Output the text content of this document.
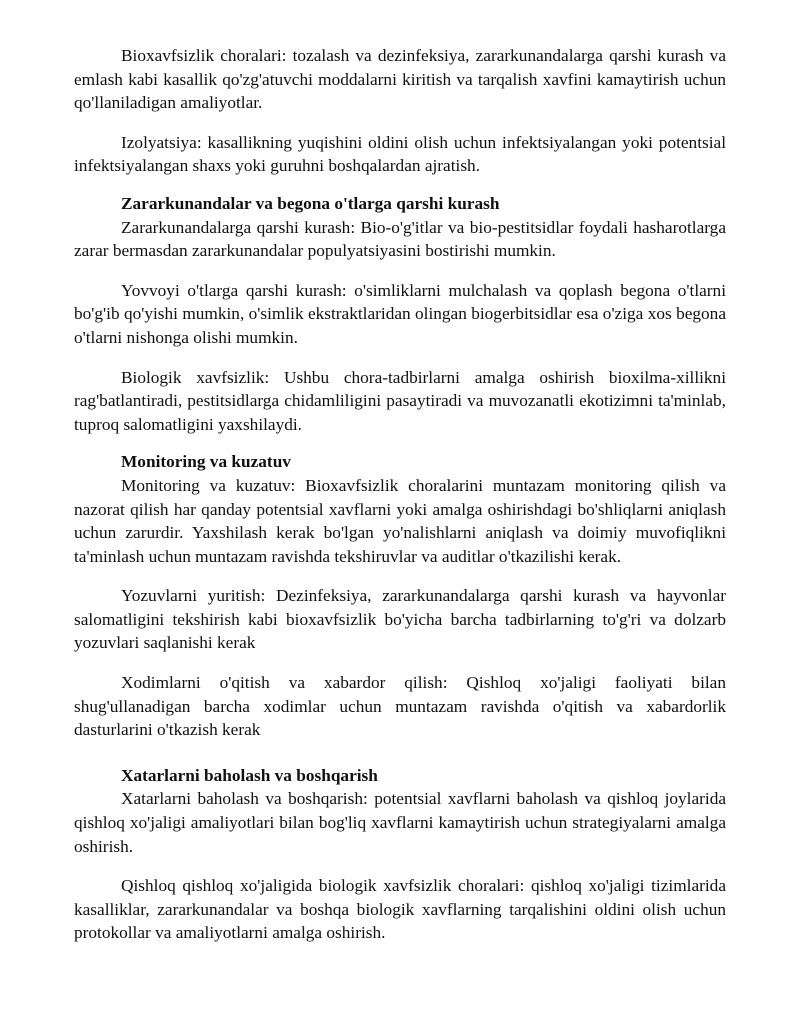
Bioxavfsizlik choralari: tozalash va dezinfeksiya, zararkunandalarga qarshi kurash va emlash kabi kasallik qo'zg'atuvchi moddalarni kiritish va tarqalish xavfini kamaytirish uchun qo'llaniladigan amaliyotlar.

Izolyatsiya: kasallikning yuqishini oldini olish uchun infektsiyalangan yoki potentsial infektsiyalangan shaxs yoki guruhni boshqalardan ajratish.

Zararkunandalar va begona o'tlarga qarshi kurash

Zararkunandalarga qarshi kurash: Bio-o'g'itlar va bio-pestitsidlar foydali hasharotlarga zarar bermasdan zararkunandalar populyatsiyasini bostirishi mumkin.

Yovvoyi o'tlarga qarshi kurash: o'simliklarni mulchalash va qoplash begona o'tlarni bo'g'ib qo'yishi mumkin, o'simlik ekstraktlaridan olingan biogerbitsidlar esa o'ziga xos begona o'tlarni nishonga olishi mumkin.

Biologik xavfsizlik: Ushbu chora-tadbirlarni amalga oshirish bioxilma-xillikni rag'batlantiradi, pestitsidlarga chidamliligini pasaytiradi va muvozanatli ekotizimni ta'minlab, tuproq salomatligini yaxshilaydi.

Monitoring va kuzatuv

Monitoring va kuzatuv: Bioxavfsizlik choralarini muntazam monitoring qilish va nazorat qilish har qanday potentsial xavflarni yoki amalga oshirishdagi bo'shliqlarni aniqlash uchun zarurdir. Yaxshilash kerak bo'lgan yo'nalishlarni aniqlash va doimiy muvofiqlikni ta'minlash uchun muntazam ravishda tekshiruvlar va auditlar o'tkazilishi kerak.

Yozuvlarni yuritish: Dezinfeksiya, zararkunandalarga qarshi kurash va hayvonlar salomatligini tekshirish kabi bioxavfsizlik bo'yicha barcha tadbirlarning to'g'ri va dolzarb yozuvlari saqlanishi kerak

Xodimlarni o'qitish va xabardor qilish: Qishloq xo'jaligi faoliyati bilan shug'ullanadigan barcha xodimlar uchun muntazam ravishda o'qitish va xabardorlik dasturlarini o'tkazish kerak

Xatarlarni baholash va boshqarish

Xatarlarni baholash va boshqarish: potentsial xavflarni baholash va qishloq joylarida qishloq xo'jaligi amaliyotlari bilan bog'liq xavflarni kamaytirish uchun strategiyalarni amalga oshirish.

Qishloq qishloq xo'jaligida biologik xavfsizlik choralari: qishloq xo'jaligi tizimlarida kasalliklar, zararkunandalar va boshqa biologik xavflarning tarqalishini oldini olish uchun protokollar va amaliyotlarni amalga oshirish.
